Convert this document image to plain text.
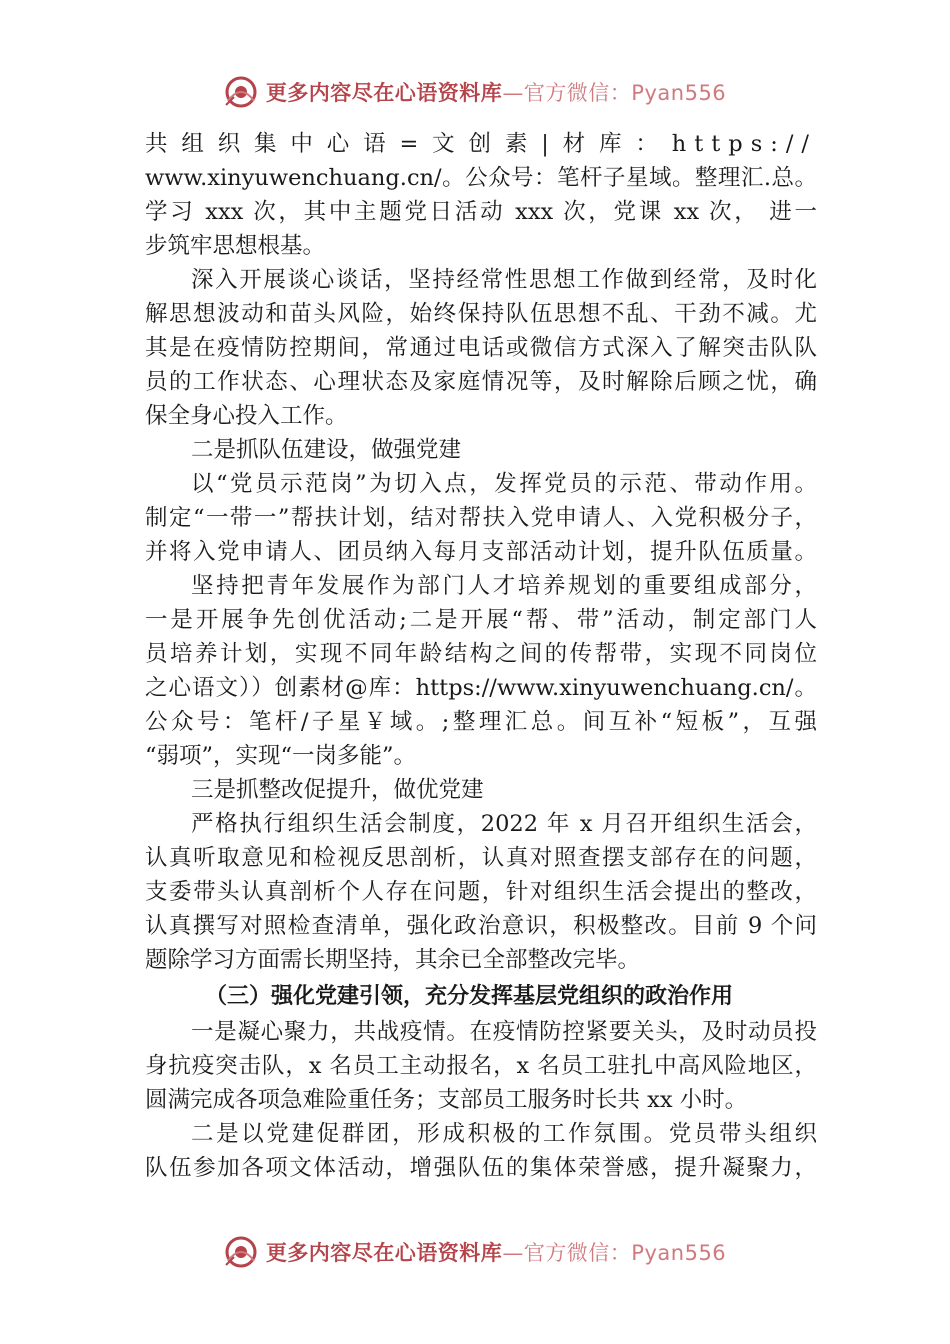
更多内容尽在心语资料库—官方微信：Pyan556
共组织集中心语=文创素|材库：https://
www.xinyuwenchuang.cn/。公众号：笔杆子星域。整理汇.总。
学习 xxx 次，其中主题党日活动 xxx 次，党课 xx 次， 进一
步筑牢思想根基。
深入开展谈心谈话，坚持经常性思想工作做到经常，及时化
解思想波动和苗头风险，始终保持队伍思想不乱、干劲不减。尤
其是在疫情防控期间，常通过电话或微信方式深入了解突击队队
员的工作状态、心理状态及家庭情况等，及时解除后顾之忧，确
保全身心投入工作。
二是抓队伍建设，做强党建
以“党员示范岗”为切入点，发挥党员的示范、带动作用。
制定“一带一”帮扶计划，结对帮扶入党申请人、入党积极分子，
并将入党申请人、团员纳入每月支部活动计划，提升队伍质量。
坚持把青年发展作为部门人才培养规划的重要组成部分，
一是开展争先创优活动;二是开展“帮、带”活动，制定部门人
员培养计划，实现不同年龄结构之间的传帮带，实现不同岗位
之心语文））创素材@库：https://www.xinyuwenchuang.cn/。
公众号：笔杆/子星￥域。;整理汇总。间互补“短板”，互强
“弱项”，实现“一岗多能”。
三是抓整改促提升，做优党建
严格执行组织生活会制度，2022 年 x 月召开组织生活会，
认真听取意见和检视反思剖析，认真对照查摆支部存在的问题，
支委带头认真剖析个人存在问题，针对组织生活会提出的整改，
认真撰写对照检查清单，强化政治意识，积极整改。目前 9 个问
题除学习方面需长期坚持，其余已全部整改完毕。
（三）强化党建引领，充分发挥基层党组织的政治作用
一是凝心聚力，共战疫情。在疫情防控紧要关头，及时动员投
身抗疫突击队，x 名员工主动报名，x 名员工驻扎中高风险地区，
圆满完成各项急难险重任务；支部员工服务时长共 xx 小时。
二是以党建促群团，形成积极的工作氛围。党员带头组织
队伍参加各项文体活动，增强队伍的集体荣誉感，提升凝聚力，
更多内容尽在心语资料库—官方微信：Pyan556
